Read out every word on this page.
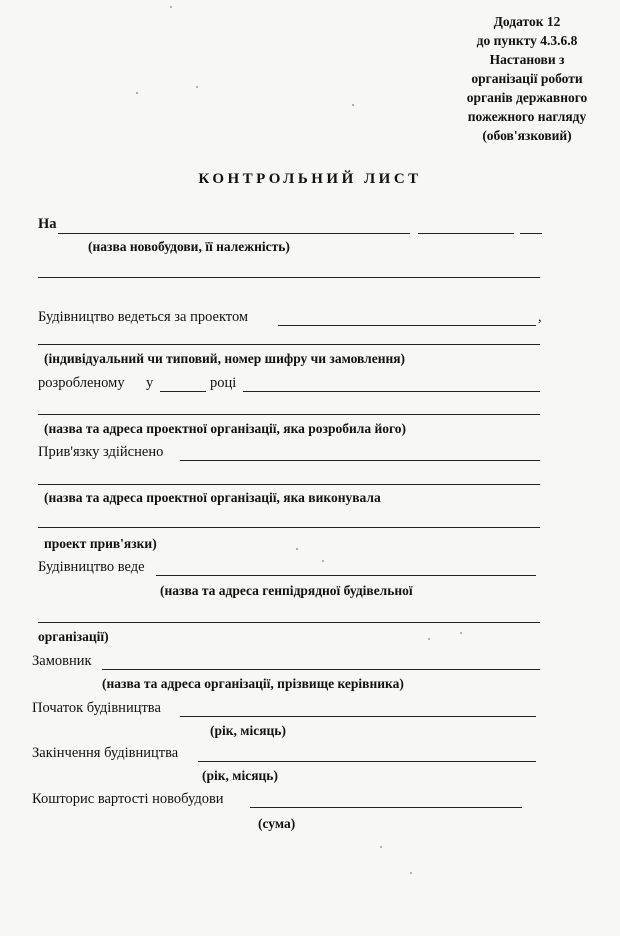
Додаток 12
до пункту 4.3.6.8
Настанови з
організації роботи
органів державного
пожежного нагляду
(обов'язковий)
КОНТРОЛЬНИЙ ЛИСТ
На
(назва новобудови, її належність)
Будівництво ведеться за проектом	,
(індивідуальний чи типовий, номер шифру чи замовлення)
розробленому у	році
(назва та адреса проектної організації, яка розробила його)
Прив'язку здійснено
(назва та адреса проектної організації, яка виконувала
проект прив'язки)
Будівництво веде
(назва та адреса генпідрядної будівельної
організації)
Замовник
(назва та адреса організації, прізвище керівника)
Початок будівництва
(рік, місяць)
Закінчення будівництва
(рік, місяць)
Кошторис вартості новобудови
(сума)
